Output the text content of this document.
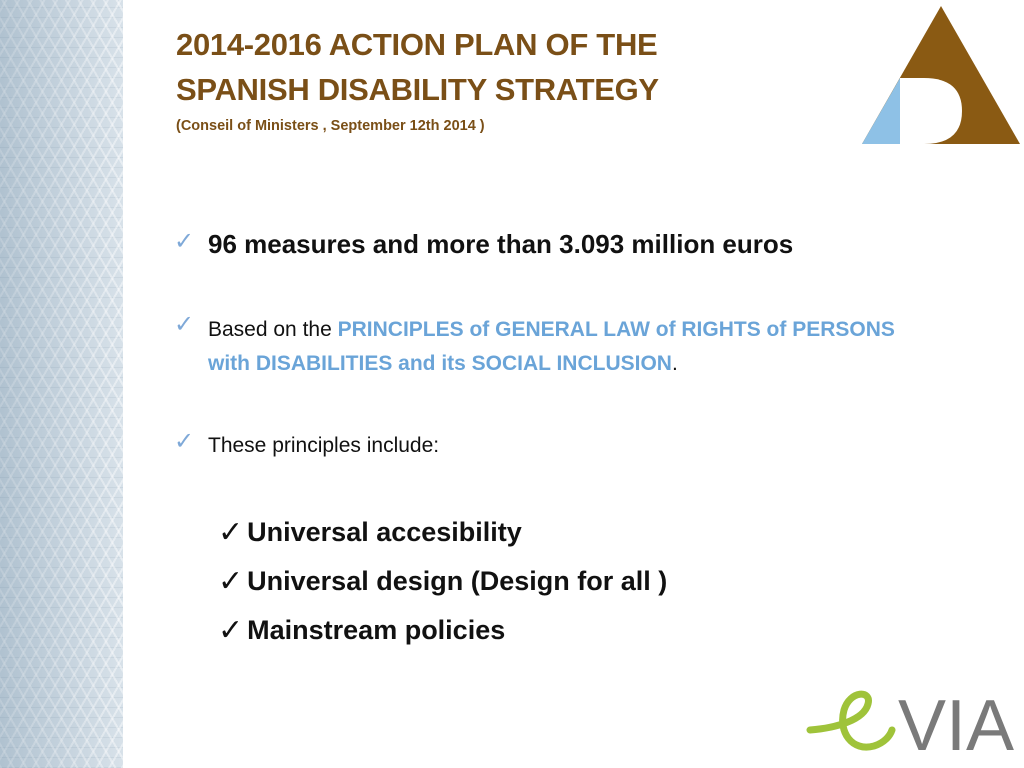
2014-2016 ACTION PLAN OF THE
SPANISH DISABILITY STRATEGY

(Conseil of Ministers , September 12th 2014 )

✓ 96 measures and more than 3.093 million euros

✓ Based on the PRINCIPLES of GENERAL LAW of RIGHTS of PERSONS
with DISABILITIES and its SOCIAL INCLUSION.

✓ These principles include:

✓ Universal accesibility
✓ Universal design (Design for all )
✓ Mainstream policies
VIA
